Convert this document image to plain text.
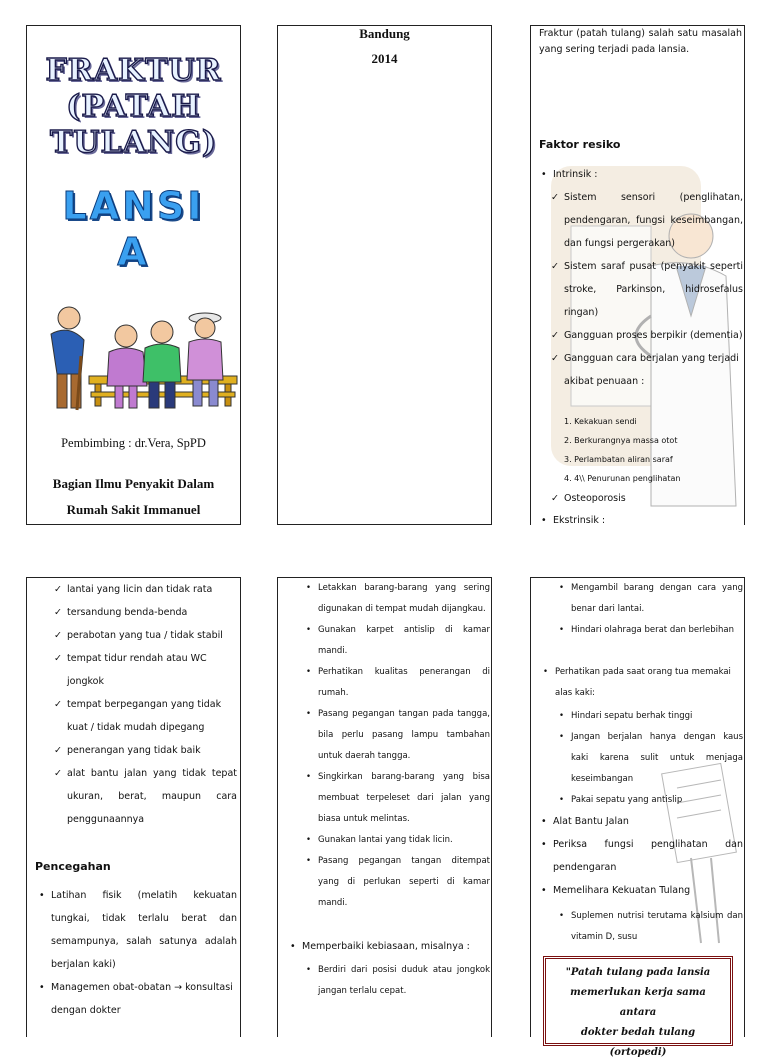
FRAKTUR
(PATAH
TULANG)
LANSI
A
Pembimbing : dr.Vera, SpPD
Bagian Ilmu Penyakit Dalam
Rumah Sakit Immanuel
Bandung
2014
Fraktur (patah tulang) salah satu masalah yang sering terjadi pada lansia.
Faktor resiko
• Intrinsik :
✓ Sistem sensori (penglihatan, pendengaran, fungsi keseimbangan, dan fungsi pergerakan)
✓ Sistem saraf pusat (penyakit seperti stroke, Parkinson, hidrosefalus ringan)
✓ Gangguan proses berpikir (dementia)
✓ Gangguan cara berjalan yang terjadi akibat penuaan :
1. Kekakuan sendi
2. Berkurangnya massa otot
3. Perlambatan aliran saraf
4. 4\\ Penurunan penglihatan
✓ Osteoporosis
• Ekstrinsik :
✓ lantai yang licin dan tidak rata
✓ tersandung benda-benda
✓ perabotan yang tua / tidak stabil
✓ tempat tidur rendah atau WC jongkok
✓ tempat berpegangan yang tidak kuat / tidak mudah dipegang
✓ penerangan yang tidak baik
✓ alat bantu jalan yang tidak tepat ukuran, berat, maupun cara penggunaannya
Pencegahan
• Latihan fisik (melatih kekuatan tungkai, tidak terlalu berat dan semampunya, salah satunya adalah berjalan kaki)
• Managemen obat-obatan → konsultasi dengan dokter
• Letakkan barang-barang yang sering digunakan di tempat mudah dijangkau.
• Gunakan karpet antislip di kamar mandi.
• Perhatikan kualitas penerangan di rumah.
• Pasang pegangan tangan pada tangga, bila perlu pasang lampu tambahan untuk daerah tangga.
• Singkirkan barang-barang yang bisa membuat terpeleset dari jalan yang biasa untuk melintas.
• Gunakan lantai yang tidak licin.
• Pasang pegangan tangan ditempat yang di perlukan seperti di kamar mandi.
• Memperbaiki kebiasaan, misalnya :
• Berdiri dari posisi duduk atau jongkok jangan terlalu cepat.
• Mengambil barang dengan cara yang benar dari lantai.
• Hindari olahraga berat dan berlebihan
• Perhatikan pada saat orang tua memakai alas kaki:
• Hindari sepatu berhak tinggi
• Jangan berjalan hanya dengan kaus kaki karena sulit untuk menjaga keseimbangan
• Pakai sepatu yang antislip
• Alat Bantu Jalan
• Periksa fungsi penglihatan dan pendengaran
• Memelihara Kekuatan Tulang
• Suplemen nutrisi terutama kalsium dan vitamin D, susu
"Patah tulang pada lansia
memerlukan kerja sama antara
dokter bedah tulang (ortopedi)
